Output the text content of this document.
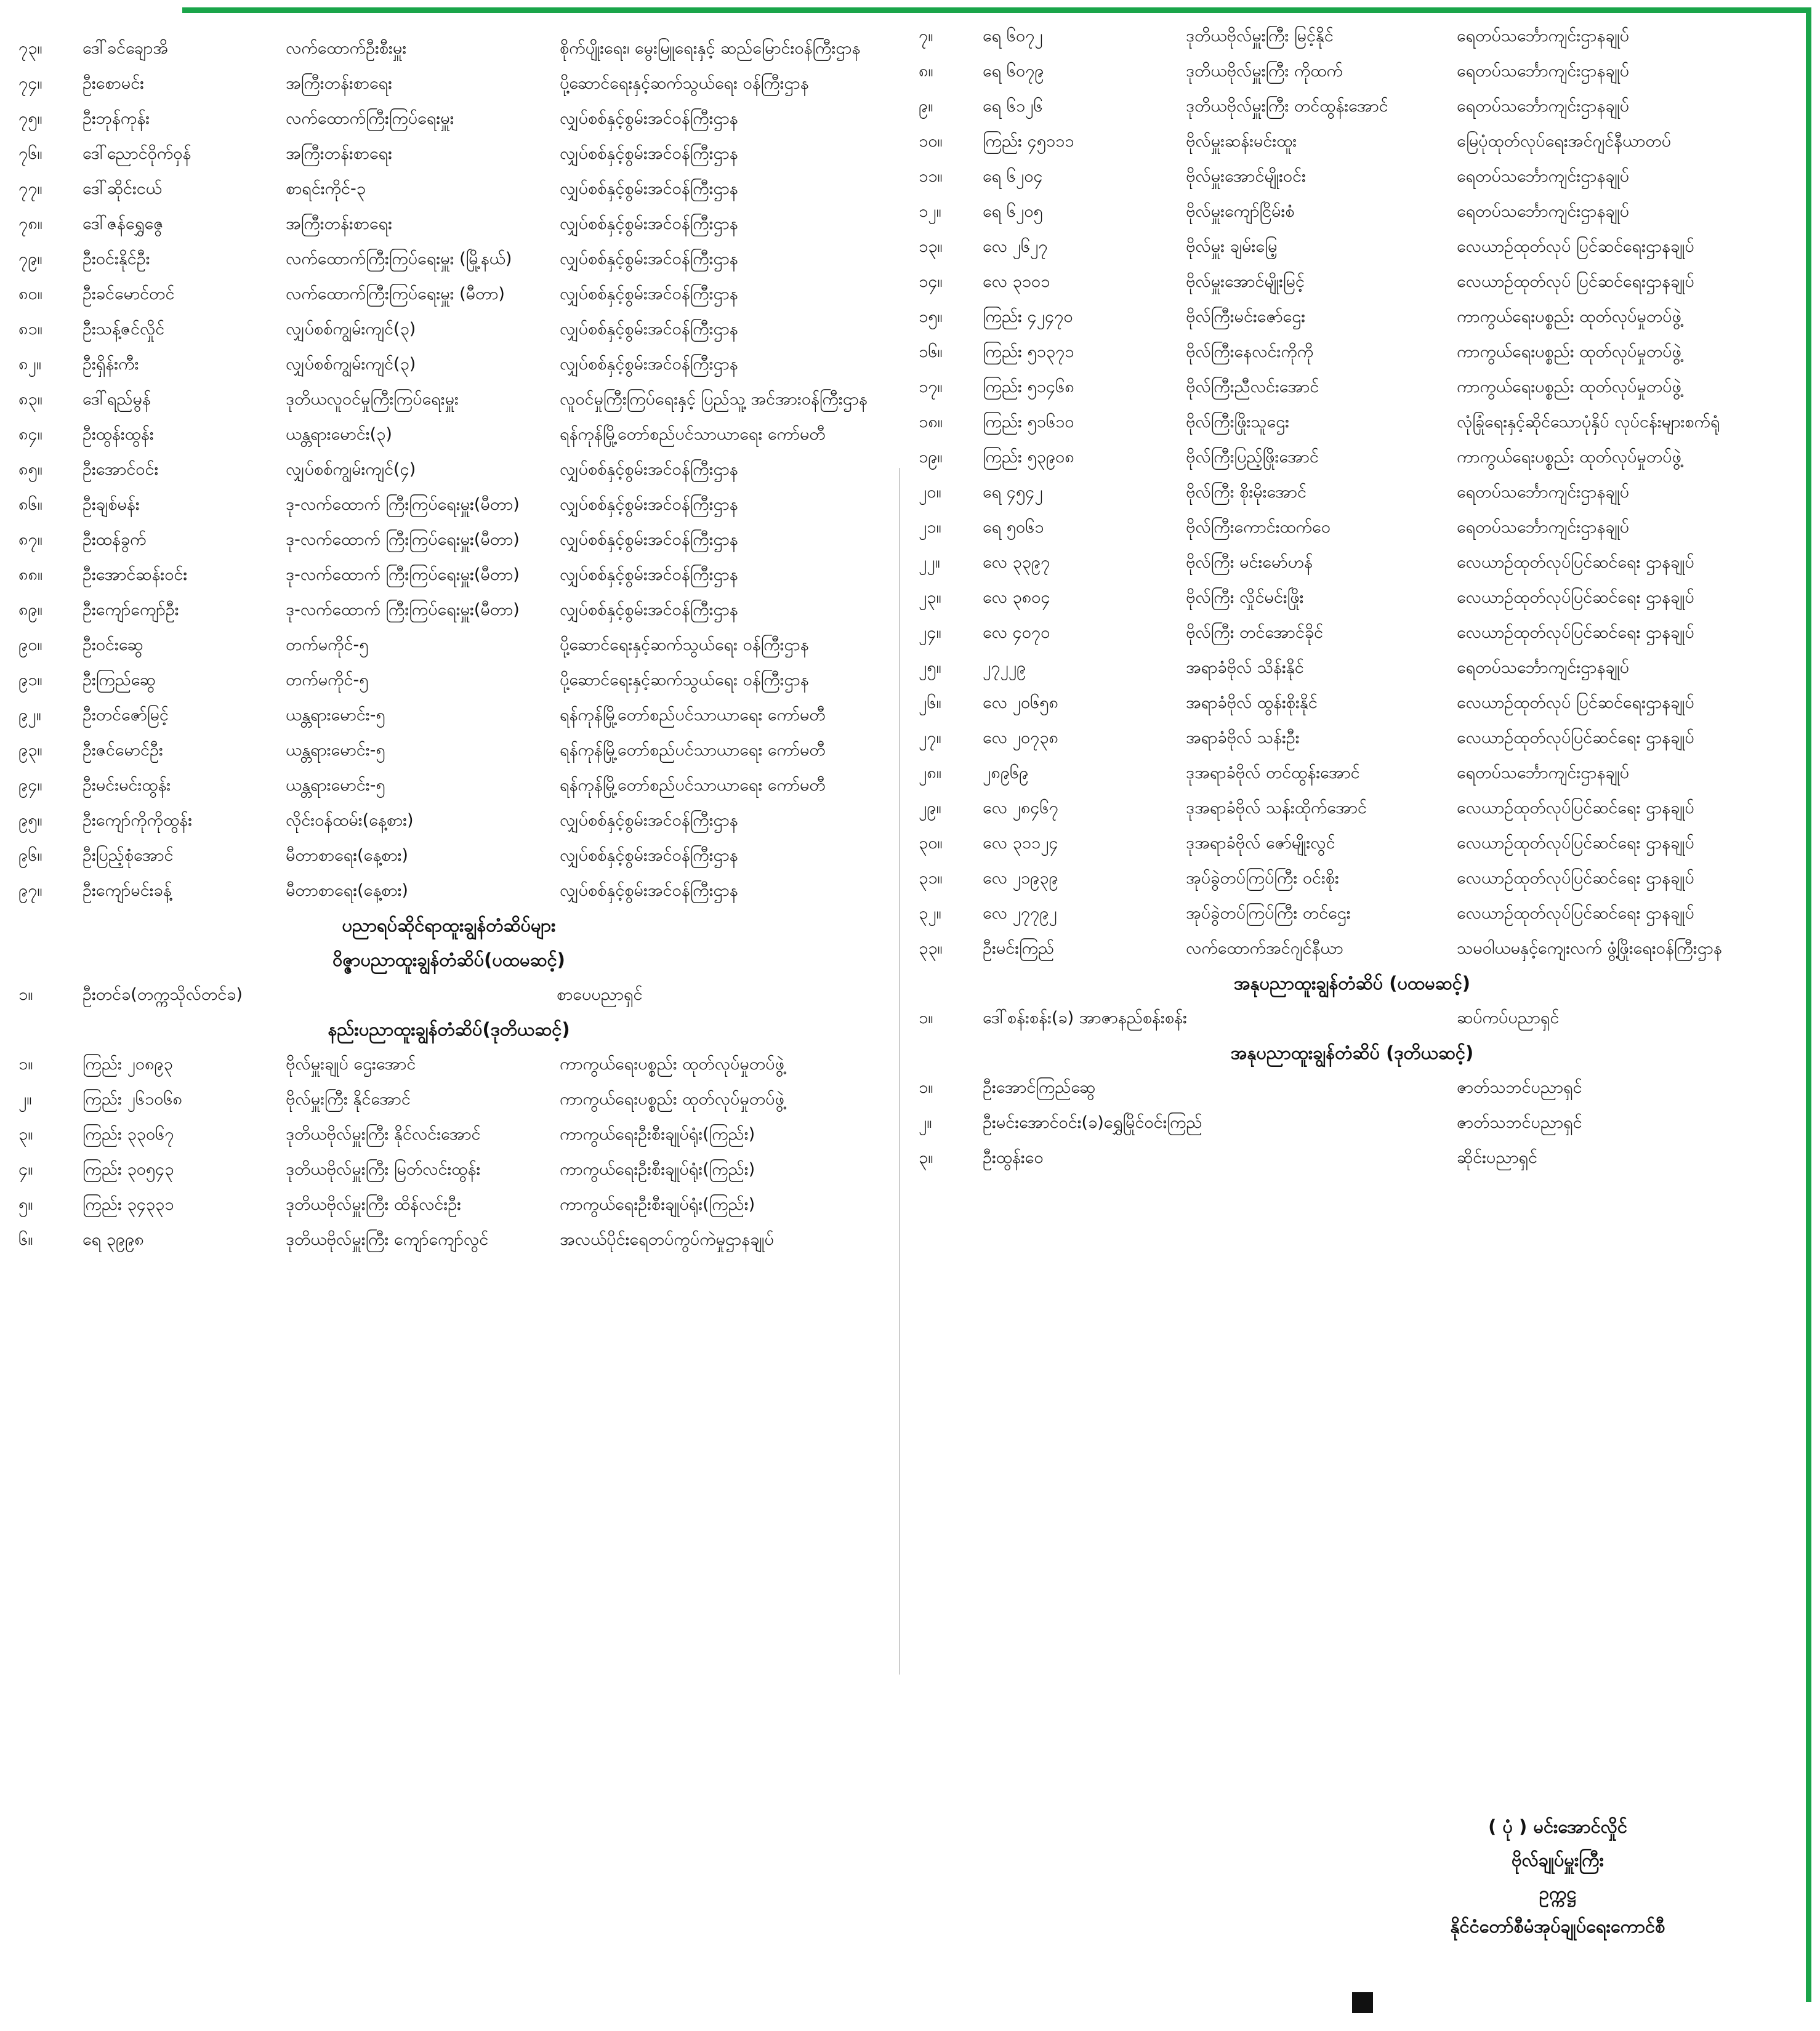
၇၃။	ဒေါ်ခင်ချောအိ	လက်ထောက်ဦးစီးမှူး	စိုက်ပျိုးရေး၊ မွေးမြူရေးနှင့် ဆည်မြောင်းဝန်ကြီးဌာန
၇၄။	ဦးစောမင်း	အကြီးတန်းစာရေး	ပို့ဆောင်ရေးနှင့်ဆက်သွယ်ရေး ဝန်ကြီးဌာန
၇၅။	ဦးဘုန်ကုန်း	လက်ထောက်ကြီးကြပ်ရေးမှူး	လျှပ်စစ်နှင့်စွမ်းအင်ဝန်ကြီးဌာန
၇၆။	ဒေါ်ညောင်ဝိုက်ဝှန်	အကြီးတန်းစာရေး	လျှပ်စစ်နှင့်စွမ်းအင်ဝန်ကြီးဌာန
၇၇။	ဒေါ်ဆိုင်းငယ်	စာရင်းကိုင်-၃	လျှပ်စစ်နှင့်စွမ်းအင်ဝန်ကြီးဌာန
၇၈။	ဒေါ်ဇန်ရွှေဇွေ	အကြီးတန်းစာရေး	လျှပ်စစ်နှင့်စွမ်းအင်ဝန်ကြီးဌာန
၇၉။	ဦးဝင်းနိုင်ဦး	လက်ထောက်ကြီးကြပ်ရေးမှူး (မြို့နယ်)	လျှပ်စစ်နှင့်စွမ်းအင်ဝန်ကြီးဌာန
၈၀။	ဦးခင်မောင်တင်	လက်ထောက်ကြီးကြပ်ရေးမှူး (မီတာ)	လျှပ်စစ်နှင့်စွမ်းအင်ဝန်ကြီးဌာန
၈၁။	ဦးသန့်ဇင်လှိုင်	လျှပ်စစ်ကျွမ်းကျင်(၃)	လျှပ်စစ်နှင့်စွမ်းအင်ဝန်ကြီးဌာန
၈၂။	ဦးရှိန်းကီး	လျှပ်စစ်ကျွမ်းကျင်(၃)	လျှပ်စစ်နှင့်စွမ်းအင်ဝန်ကြီးဌာန
၈၃။	ဒေါ်ရည်မွန်	ဒုတိယလူဝင်မှုကြီးကြပ်ရေးမှူး	လူဝင်မှုကြီးကြပ်ရေးနှင့် ပြည်သူ့ အင်အားဝန်ကြီးဌာန
၈၄။	ဦးထွန်းထွန်း	ယန္တရားမောင်း(၃)	ရန်ကုန်မြို့တော်စည်ပင်သာယာရေး ကော်မတီ
၈၅။	ဦးအောင်ဝင်း	လျှပ်စစ်ကျွမ်းကျင်(၄)	လျှပ်စစ်နှင့်စွမ်းအင်ဝန်ကြီးဌာန
၈၆။	ဦးချစ်မန်း	ဒု-လက်ထောက် ကြီးကြပ်ရေးမှူး(မီတာ)	လျှပ်စစ်နှင့်စွမ်းအင်ဝန်ကြီးဌာန
၈၇။	ဦးထန်ခွက်	ဒု-လက်ထောက် ကြီးကြပ်ရေးမှူး(မီတာ)	လျှပ်စစ်နှင့်စွမ်းအင်ဝန်ကြီးဌာန
၈၈။	ဦးအောင်ဆန်းဝင်း	ဒု-လက်ထောက် ကြီးကြပ်ရေးမှူး(မီတာ)	လျှပ်စစ်နှင့်စွမ်းအင်ဝန်ကြီးဌာန
၈၉။	ဦးကျော်ကျော်ဦး	ဒု-လက်ထောက် ကြီးကြပ်ရေးမှူး(မီတာ)	လျှပ်စစ်နှင့်စွမ်းအင်ဝန်ကြီးဌာန
၉၀။	ဦးဝင်းဆွေ	တက်မကိုင်-၅	ပို့ဆောင်ရေးနှင့်ဆက်သွယ်ရေး ဝန်ကြီးဌာန
၉၁။	ဦးကြည်ဆွေ	တက်မကိုင်-၅	ပို့ဆောင်ရေးနှင့်ဆက်သွယ်ရေး ဝန်ကြီးဌာန
၉၂။	ဦးတင်ဇော်မြင့်	ယန္တရားမောင်း-၅	ရန်ကုန်မြို့တော်စည်ပင်သာယာရေး ကော်မတီ
၉၃။	ဦးဇင်မောင်ဦး	ယန္တရားမောင်း-၅	ရန်ကုန်မြို့တော်စည်ပင်သာယာရေး ကော်မတီ
၉၄။	ဦးမင်းမင်းထွန်း	ယန္တရားမောင်း-၅	ရန်ကုန်မြို့တော်စည်ပင်သာယာရေး ကော်မတီ
၉၅။	ဦးကျော်ကိုကိုထွန်း	လိုင်းဝန်ထမ်း(နေ့စား)	လျှပ်စစ်နှင့်စွမ်းအင်ဝန်ကြီးဌာန
၉၆။	ဦးပြည့်စုံအောင်	မီတာစာရေး(နေ့စား)	လျှပ်စစ်နှင့်စွမ်းအင်ဝန်ကြီးဌာန
၉၇။	ဦးကျော်မင်းခန့်	မီတာစာရေး(နေ့စား)	လျှပ်စစ်နှင့်စွမ်းအင်ဝန်ကြီးဌာန
ပညာရပ်ဆိုင်ရာထူးချွန်တံဆိပ်များ
ဝိဇ္ဇာပညာထူးချွန်တံဆိပ်(ပထမဆင့်)
၁။	ဦးတင်ခ(တက္ကသိုလ်တင်ခ)	စာပေပညာရှင်
နည်းပညာထူးချွန်တံဆိပ်(ဒုတိယဆင့်)
၁။	ကြည်း ၂၀၈၉၃	ဗိုလ်မှူးချုပ် ဌေးအောင်	ကာကွယ်ရေးပစ္စည်း ထုတ်လုပ်မှုတပ်ဖွဲ့
၂။	ကြည်း ၂၆၁၀၆၈	ဗိုလ်မှူးကြီး နိုင်အောင်	ကာကွယ်ရေးပစ္စည်း ထုတ်လုပ်မှုတပ်ဖွဲ့
၃။	ကြည်း ၃၃၀၆၇	ဒုတိယဗိုလ်မှူးကြီး နိုင်လင်းအောင်	ကာကွယ်ရေးဦးစီးချုပ်ရုံး(ကြည်း)
၄။	ကြည်း ၃၀၅၄၃	ဒုတိယဗိုလ်မှူးကြီး မြတ်လင်းထွန်း	ကာကွယ်ရေးဦးစီးချုပ်ရုံး(ကြည်း)
၅။	ကြည်း ၃၄၃၃၁	ဒုတိယဗိုလ်မှူးကြီး ထိန်လင်းဦး	ကာကွယ်ရေးဦးစီးချုပ်ရုံး(ကြည်း)
၆။	ရေ ၃၉၉၈	ဒုတိယဗိုလ်မှူးကြီး ကျော်ကျော်လွင်	အလယ်ပိုင်းရေတပ်ကွပ်ကဲမှုဌာနချုပ်
၇။	ရေ ၆၀၇၂	ဒုတိယဗိုလ်မှူးကြီး မြင့်နိုင်	ရေတပ်သင်္ဘောကျင်းဌာနချုပ်
၈။	ရေ ၆၀၇၉	ဒုတိယဗိုလ်မှူးကြီး ကိုထက်	ရေတပ်သင်္ဘောကျင်းဌာနချုပ်
၉။	ရေ ၆၁၂၆	ဒုတိယဗိုလ်မှူးကြီး တင်ထွန်းအောင်	ရေတပ်သင်္ဘောကျင်းဌာနချုပ်
၁၀။	ကြည်း ၄၅၁၁၁	ဗိုလ်မှူးဆန်းမင်းထူး	မြေပုံထုတ်လုပ်ရေးအင်ဂျင်နီယာတပ်
၁၁။	ရေ ၆၂၀၄	ဗိုလ်မှူးအောင်မျိုးဝင်း	ရေတပ်သင်္ဘောကျင်းဌာနချုပ်
၁၂။	ရေ ၆၂၀၅	ဗိုလ်မှူးကျော်ငြိမ်းစံ	ရေတပ်သင်္ဘောကျင်းဌာနချုပ်
၁၃။	လေ ၂၆၂၇	ဗိုလ်မှူး ချမ်းမြေ့	လေယာဉ်ထုတ်လုပ် ပြင်ဆင်ရေးဌာနချုပ်
၁၄။	လေ ၃၁၀၁	ဗိုလ်မှူးအောင်မျိုးမြင့်	လေယာဉ်ထုတ်လုပ် ပြင်ဆင်ရေးဌာနချုပ်
၁၅။	ကြည်း ၄၂၄၇၀	ဗိုလ်ကြီးမင်းဇော်ဌေး	ကာကွယ်ရေးပစ္စည်း ထုတ်လုပ်မှုတပ်ဖွဲ့
၁၆။	ကြည်း ၅၁၃၇၁	ဗိုလ်ကြီးနေလင်းကိုကို	ကာကွယ်ရေးပစ္စည်း ထုတ်လုပ်မှုတပ်ဖွဲ့
၁၇။	ကြည်း ၅၁၄၆၈	ဗိုလ်ကြီးညီလင်းအောင်	ကာကွယ်ရေးပစ္စည်း ထုတ်လုပ်မှုတပ်ဖွဲ့
၁၈။	ကြည်း ၅၁၆၁၀	ဗိုလ်ကြီးဖြိုးသူဌေး	လုံခြုံရေးနှင့်ဆိုင်သောပုံနှိပ် လုပ်ငန်းများစက်ရုံ
၁၉။	ကြည်း ၅၃၉၀၈	ဗိုလ်ကြီးပြည့်ဖြိုးအောင်	ကာကွယ်ရေးပစ္စည်း ထုတ်လုပ်မှုတပ်ဖွဲ့
၂၀။	ရေ ၄၅၄၂	ဗိုလ်ကြီး စိုးမိုးအောင်	ရေတပ်သင်္ဘောကျင်းဌာနချုပ်
၂၁။	ရေ ၅၀၆၁	ဗိုလ်ကြီးကောင်းထက်ဝေ	ရေတပ်သင်္ဘောကျင်းဌာနချုပ်
၂၂။	လေ ၃၃၉၇	ဗိုလ်ကြီး မင်းမော်ဟန်	လေယာဉ်ထုတ်လုပ်ပြင်ဆင်ရေး ဌာနချုပ်
၂၃။	လေ ၃၈၀၄	ဗိုလ်ကြီး လှိုင်မင်းဖြိုး	လေယာဉ်ထုတ်လုပ်ပြင်ဆင်ရေး ဌာနချုပ်
၂၄။	လေ ၄၀၇၀	ဗိုလ်ကြီး တင်အောင်ခိုင်	လေယာဉ်ထုတ်လုပ်ပြင်ဆင်ရေး ဌာနချုပ်
၂၅။	၂၇၂၂၉	အရာခံဗိုလ် သိန်းနိုင်	ရေတပ်သင်္ဘောကျင်းဌာနချုပ်
၂၆။	လေ ၂၀၆၅၈	အရာခံဗိုလ် ထွန်းစိုးနိုင်	လေယာဉ်ထုတ်လုပ် ပြင်ဆင်ရေးဌာနချုပ်
၂၇။	လေ ၂၀၇၃၈	အရာခံဗိုလ် သန်းဦး	လေယာဉ်ထုတ်လုပ်ပြင်ဆင်ရေး ဌာနချုပ်
၂၈။	၂၈၉၆၉	ဒုအရာခံဗိုလ် တင်ထွန်းအောင်	ရေတပ်သင်္ဘောကျင်းဌာနချုပ်
၂၉။	လေ ၂၈၄၆၇	ဒုအရာခံဗိုလ် သန်းထိုက်အောင်	လေယာဉ်ထုတ်လုပ်ပြင်ဆင်ရေး ဌာနချုပ်
၃၀။	လေ ၃၁၁၂၄	ဒုအရာခံဗိုလ် ဇော်မျိုးလွင်	လေယာဉ်ထုတ်လုပ်ပြင်ဆင်ရေး ဌာနချုပ်
၃၁။	လေ ၂၁၉၃၉	အုပ်ခွဲတပ်ကြပ်ကြီး ဝင်းစိုး	လေယာဉ်ထုတ်လုပ်ပြင်ဆင်ရေး ဌာနချုပ်
၃၂။	လေ ၂၇၇၉၂	အုပ်ခွဲတပ်ကြပ်ကြီး တင်ဌေး	လေယာဉ်ထုတ်လုပ်ပြင်ဆင်ရေး ဌာနချုပ်
၃၃။	ဦးမင်းကြည်	လက်ထောက်အင်ဂျင်နီယာ	သမဝါယမနှင့်ကျေးလက် ဖွံ့ဖြိုးရေးဝန်ကြီးဌာန
အနုပညာထူးချွန်တံဆိပ် (ပထမဆင့်)
၁။	ဒေါ်စန်းစန်း(ခ) အာဇာနည်စန်းစန်း	ဆပ်ကပ်ပညာရှင်
အနုပညာထူးချွန်တံဆိပ် (ဒုတိယဆင့်)
၁။	ဦးအောင်ကြည်ဆွေ	ဇာတ်သဘင်ပညာရှင်
၂။	ဦးမင်းအောင်ဝင်း(ခ)ရွှေမြိုင်ဝင်းကြည်	ဇာတ်သဘင်ပညာရှင်
၃။	ဦးထွန်းဝေ	ဆိုင်းပညာရှင်
( ပုံ ) မင်းအောင်လှိုင်
ဗိုလ်ချုပ်မှူးကြီး
ဥက္ကဋ္ဌ
နိုင်ငံတော်စီမံအုပ်ချုပ်ရေးကောင်စီ
